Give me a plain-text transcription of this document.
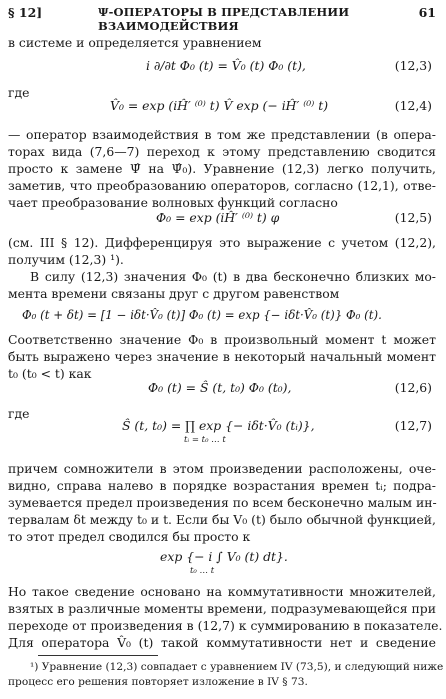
§ 12]	Ψ-ОПЕРАТОРЫ В ПРЕДСТАВЛЕНИИ ВЗАИМОДЕЙСТВИЯ
61
в системе и определяется уравнением
i ∂/∂t Φ₀ (t) = V̂₀ (t) Φ₀ (t),	(12,3)
где
V̂₀ = exp (iĤ′ ⁽⁰⁾ t) V̂ exp (− iĤ′ ⁽⁰⁾ t)	(12,4)
— оператор взаимодействия в том же представлении (в опера-
торах вида (7,6—7) переход к этому представлению сводится
просто к замене Ψ̂ на Ψ̂₀). Уравнение (12,3) легко получить,
заметив, что преобразованию операторов, согласно (12,1), отве-
чает преобразование волновых функций согласно
Φ₀ = exp (iĤ′ ⁽⁰⁾ t) φ	(12,5)
(см. III § 12). Дифференцируя это выражение с учетом (12,2),
получим (12,3) ¹).
В силу (12,3) значения Φ₀ (t) в два бесконечно близких мо-
мента времени связаны друг с другом равенством
Φ₀ (t + δt) = [1 − iδt·V̂₀ (t)] Φ₀ (t) = exp {− iδt·V̂₀ (t)} Φ₀ (t).
Соответственно значение Φ₀ в произвольный момент t может
быть выражено через значение в некоторый начальный момент
t₀ (t₀ < t) как
Φ₀ (t) = Ŝ (t, t₀) Φ₀ (t₀),	(12,6)
где
Ŝ (t, t₀) = ∏ exp {− iδt·V̂₀ (tᵢ)},
tᵢ = t₀ … t
(12,7)
причем сомножители в этом произведении расположены, оче-
видно, справа налево в порядке возрастания времен tᵢ; подра-
зумевается предел произведения по всем бесконечно малым ин-
тервалам δt между t₀ и t. Если бы V₀ (t) было обычной функцией,
то этот предел сводился бы просто к
exp {− i ∫ V₀ (t) dt}.
t₀ … t
Но такое сведение основано на коммутативности множителей,
взятых в различные моменты времени, подразумевающейся при
переходе от произведения в (12,7) к суммированию в показателе.
Для оператора V̂₀ (t) такой коммутативности нет и сведение
¹) Уравнение (12,3) совпадает с уравнением IV (73,5), и следующий ниже
процесс его решения повторяет изложение в IV § 73.
